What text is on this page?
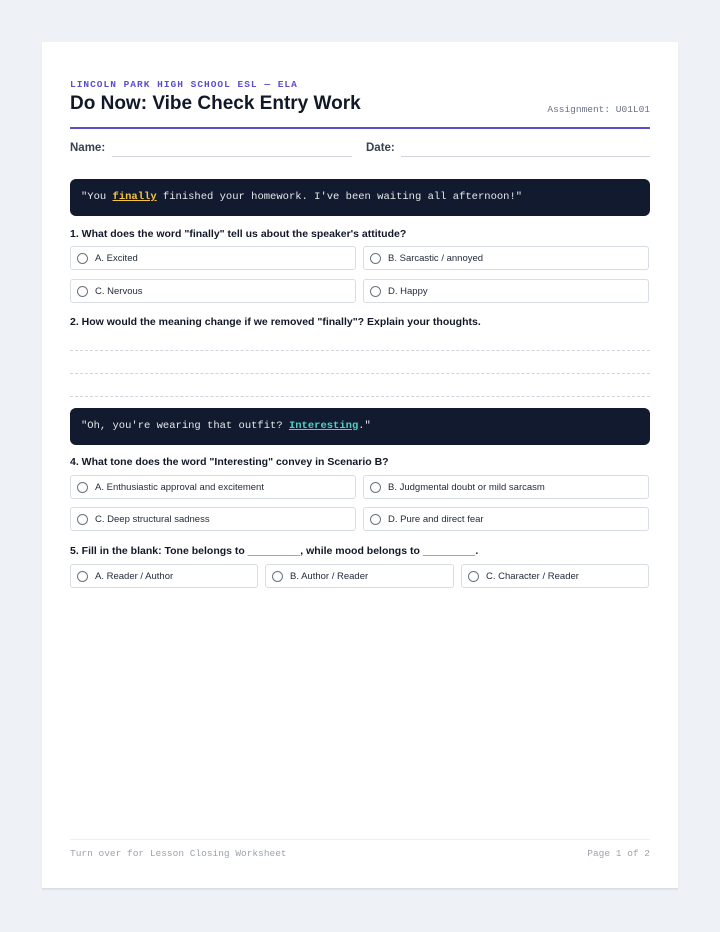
LINCOLN PARK HIGH SCHOOL ESL — ELA
Do Now: Vibe Check Entry Work	Assignment: U01L01
Name:	Date:
"You finally finished your homework. I've been waiting all afternoon!"
1. What does the word "finally" tell us about the speaker's attitude?
A. Excited	B. Sarcastic / annoyed
C. Nervous	D. Happy
2. How would the meaning change if we removed "finally"? Explain your thoughts.
"Oh, you're wearing that outfit? Interesting."
4. What tone does the word "Interesting" convey in Scenario B?
A. Enthusiastic approval and excitement	B. Judgmental doubt or mild sarcasm
C. Deep structural sadness	D. Pure and direct fear
5. Fill in the blank: Tone belongs to _________, while mood belongs to _________.
A. Reader / Author	B. Author / Reader	C. Character / Reader
Turn over for Lesson Closing Worksheet	Page 1 of 2
